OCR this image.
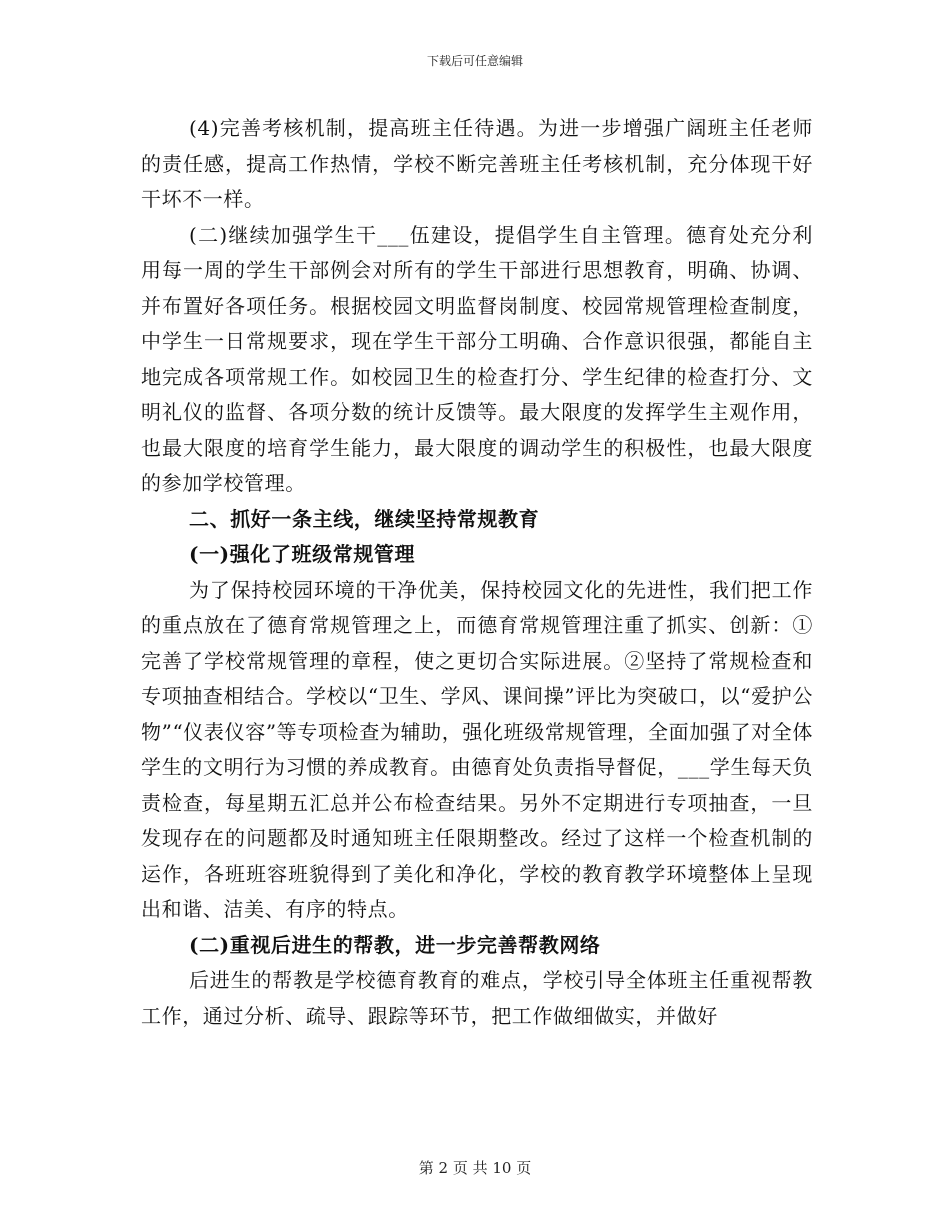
下载后可任意编辑

(4)完善考核机制，提高班主任待遇。为进一步增强广阔班主任老师的责任感，提高工作热情，学校不断完善班主任考核机制，充分体现干好干坏不一样。

(二)继续加强学生干___伍建设，提倡学生自主管理。德育处充分利用每一周的学生干部例会对所有的学生干部进行思想教育，明确、协调、并布置好各项任务。根据校园文明监督岗制度、校园常规管理检查制度，中学生一日常规要求，现在学生干部分工明确、合作意识很强，都能自主地完成各项常规工作。如校园卫生的检查打分、学生纪律的检查打分、文明礼仪的监督、各项分数的统计反馈等。最大限度的发挥学生主观作用，也最大限度的培育学生能力，最大限度的调动学生的积极性，也最大限度的参加学校管理。

二、抓好一条主线，继续坚持常规教育

(一)强化了班级常规管理

为了保持校园环境的干净优美，保持校园文化的先进性，我们把工作的重点放在了德育常规管理之上，而德育常规管理注重了抓实、创新：①完善了学校常规管理的章程，使之更切合实际进展。②坚持了常规检查和专项抽查相结合。学校以“卫生、学风、课间操”评比为突破口，以“爱护公物”“仪表仪容”等专项检查为辅助，强化班级常规管理，全面加强了对全体学生的文明行为习惯的养成教育。由德育处负责指导督促，___学生每天负责检查，每星期五汇总并公布检查结果。另外不定期进行专项抽查，一旦发现存在的问题都及时通知班主任限期整改。经过了这样一个检查机制的运作，各班班容班貌得到了美化和净化，学校的教育教学环境整体上呈现出和谐、洁美、有序的特点。

(二)重视后进生的帮教，进一步完善帮教网络

后进生的帮教是学校德育教育的难点，学校引导全体班主任重视帮教工作，通过分析、疏导、跟踪等环节，把工作做细做实，并做好

第 2 页 共 10 页
